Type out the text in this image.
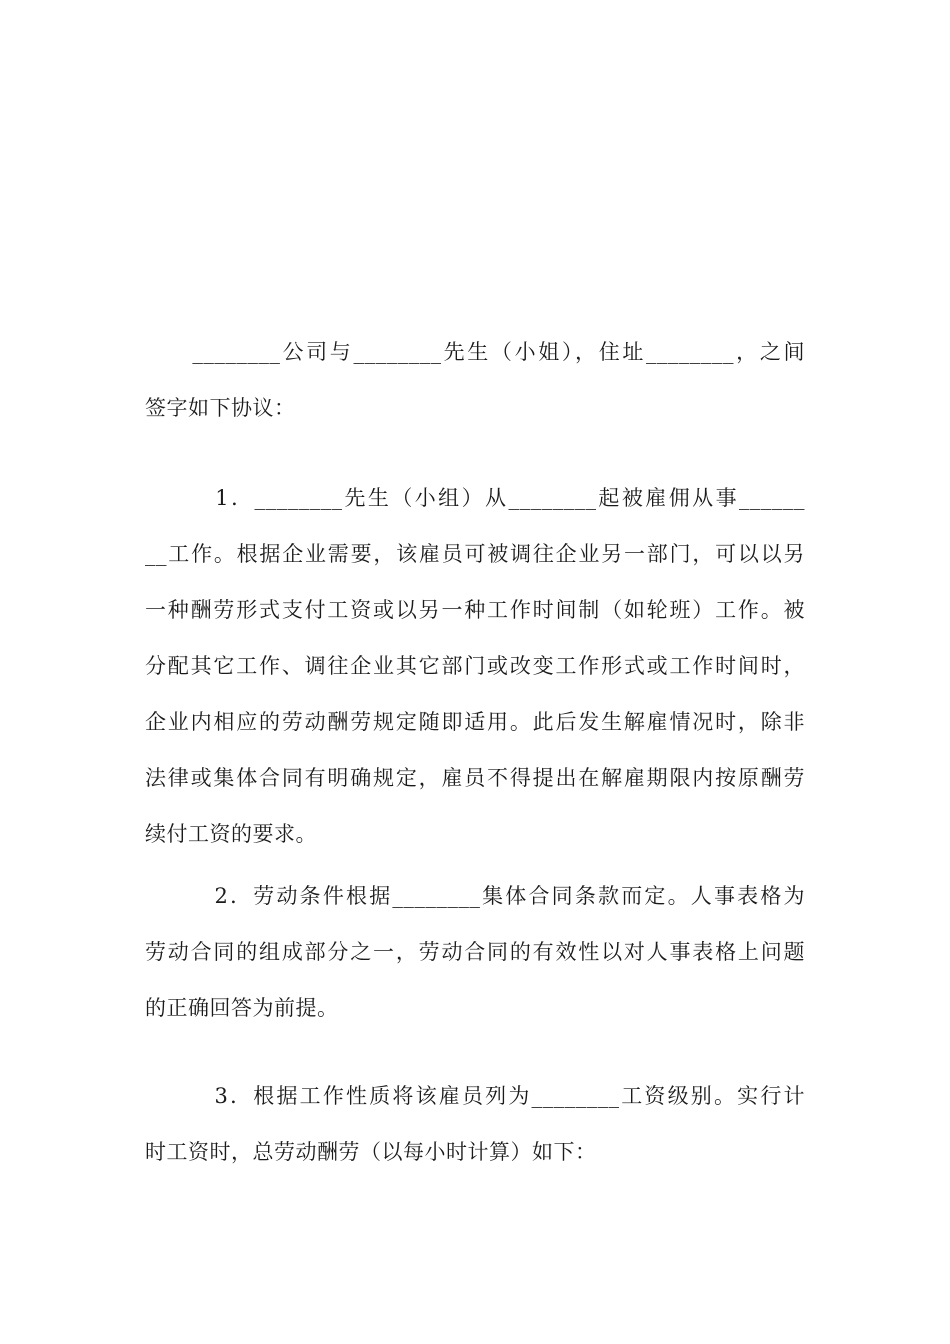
　　________公司与________先生（小姐），住址________，之间
签字如下协议：
　　　1．________先生（小组）从________起被雇佣从事______
__工作。根据企业需要，该雇员可被调往企业另一部门，可以以另
一种酬劳形式支付工资或以另一种工作时间制（如轮班）工作。被
分配其它工作、调往企业其它部门或改变工作形式或工作时间时，
企业内相应的劳动酬劳规定随即适用。此后发生解雇情况时，除非
法律或集体合同有明确规定，雇员不得提出在解雇期限内按原酬劳
续付工资的要求。
　　　2．劳动条件根据________集体合同条款而定。人事表格为
劳动合同的组成部分之一，劳动合同的有效性以对人事表格上问题
的正确回答为前提。
　　　3．根据工作性质将该雇员列为________工资级别。实行计
时工资时，总劳动酬劳（以每小时计算）如下：
